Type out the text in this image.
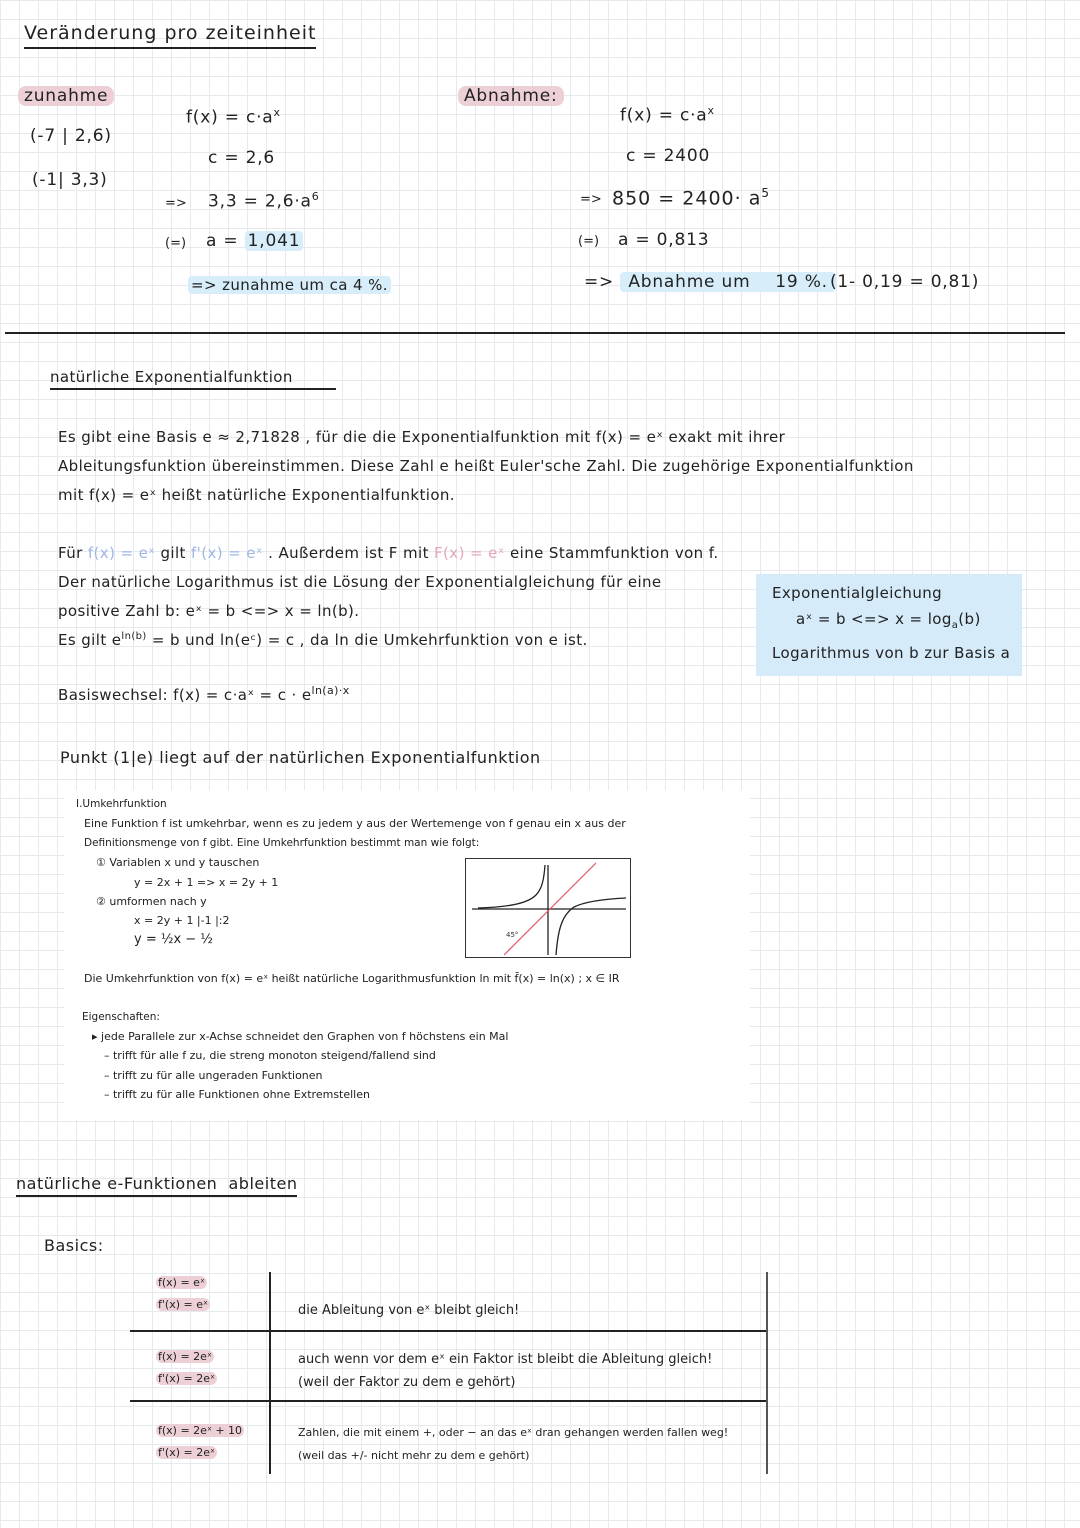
Veränderung pro zeiteinheit
zunahme
(-7 | 2,6)
(-1| 3,3)
$f(x) = c\cdot a^x$
c = 2,6
=> $3,3 = 2,6\cdot a^6$
(=) a = 1,041
=> zunahme um ca 4 %.
Abnahme:
$f(x) = c\cdot a^x$
c = 2400
=> $850 = 2400\cdot a^5$
(=) a = 0,813
=> Abnahme um 19 %. (1- 0,19 = 0,81)
natürliche Exponentialfunktion
Es gibt eine Basis e ≈ 2,71828 , für die die Exponentialfunktion mit f(x) = eˣ exakt mit ihrer
Ableitungsfunktion übereinstimmen. Diese Zahl e heißt Euler'sche Zahl. Die zugehörige Exponentialfunktion
mit f(x) = eˣ heißt natürliche Exponentialfunktion.
Für f(x) = eˣ gilt f'(x) = eˣ . Außerdem ist F mit F(x) = eˣ eine Stammfunktion von f.
Der natürliche Logarithmus ist die Lösung der Exponentialgleichung für eine
positive Zahl b: eˣ = b <=> x = ln(b).
Es gilt $e^{ln(b)} = b$ und ln(eᶜ) = c , da ln die Umkehrfunktion von e ist.
Exponentialgleichung
aˣ = b <=> $x = \log_a(b)$
Logarithmus von b zur Basis a
Basiswechsel: f(x) = c·aˣ = $c \cdot e^{ln(a)\cdot x}$
Punkt (1|e) liegt auf der natürlichen Exponentialfunktion
I.Umkehrfunktion
Eine Funktion f ist umkehrbar, wenn es zu jedem y aus der Wertemenge von f genau ein x aus der
Definitionsmenge von f gibt. Eine Umkehrfunktion bestimmt man wie folgt:
① Variablen x und y tauschen
y = 2x + 1 => x = 2y + 1
② umformen nach y
x = 2y + 1 |-1 |:2
y = ½x − ½	45°
Die Umkehrfunktion von f(x) = eˣ heißt natürliche Logarithmusfunktion ln mit f̄(x) = ln(x) ; x ∈ IR
Eigenschaften:
▸ jede Parallele zur x-Achse schneidet den Graphen von f höchstens ein Mal
– trifft für alle f zu, die streng monoton steigend/fallend sind
– trifft zu für alle ungeraden Funktionen
– trifft zu für alle Funktionen ohne Extremstellen
natürliche e-Funktionen ableiten
Basics:
f(x) = eˣ
f'(x) = eˣ	die Ableitung von eˣ bleibt gleich!
f(x) = 2eˣ
f'(x) = 2eˣ
auch wenn vor dem eˣ ein Faktor ist bleibt die Ableitung gleich!
(weil der Faktor zu dem e gehört)
f(x) = 2eˣ + 10
f'(x) = 2eˣ
Zahlen, die mit einem +, oder − an das eˣ dran gehangen werden fallen weg!
(weil das +/- nicht mehr zu dem e gehört)
